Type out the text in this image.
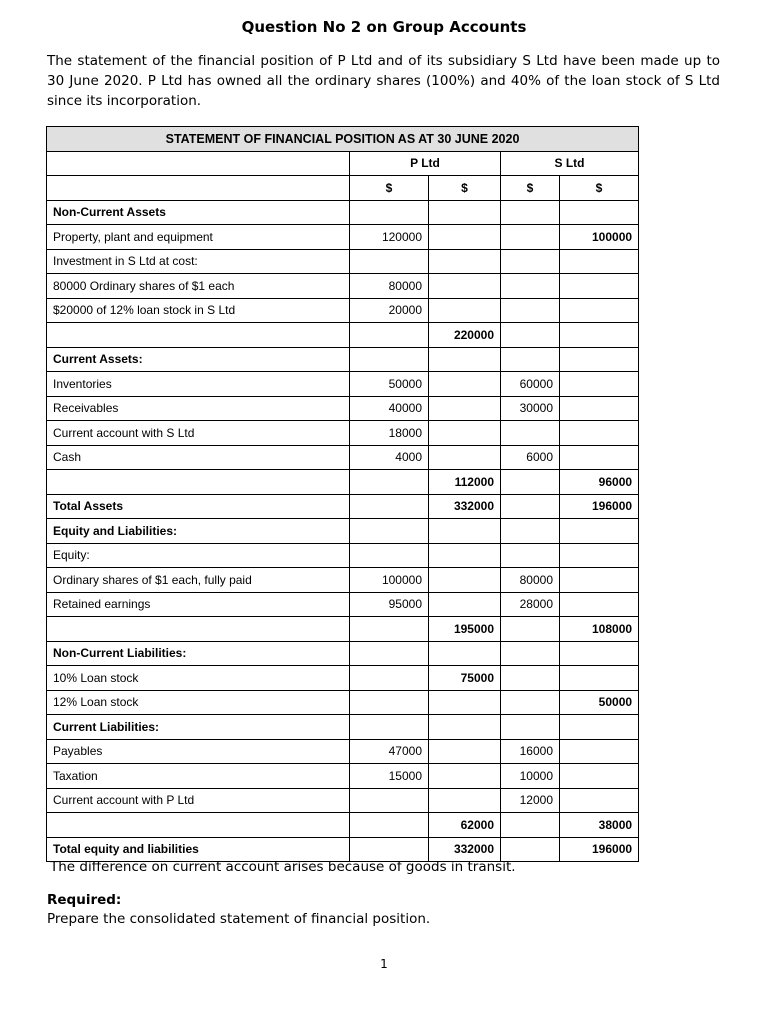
Question No 2 on Group Accounts
The statement of the financial position of P Ltd and of its subsidiary S Ltd have been made up to 30 June 2020. P Ltd has owned all the ordinary shares (100%) and 40% of the loan stock of S Ltd since its incorporation.
STATEMENT OF FINANCIAL POSITION AS AT 30 JUNE 2020				
	P Ltd		S Ltd	
	$	$	$	$
Non-Current Assets				
Property, plant and equipment	120000			100000
Investment in S Ltd at cost:				
80000 Ordinary shares of $1 each	80000			
$20000 of 12% loan stock in S Ltd	20000			
		220000		
Current Assets:				
Inventories	50000		60000	
Receivables	40000		30000	
Current account with S Ltd	18000			
Cash	4000		6000	
		112000		96000
Total Assets		332000		196000
Equity and Liabilities:				
Equity:				
Ordinary shares of $1 each, fully paid	100000		80000	
Retained earnings	95000		28000	
		195000		108000
Non-Current Liabilities:				
10% Loan stock		75000		
12% Loan stock				50000
Current Liabilities:				
Payables	47000		16000	
Taxation	15000		10000	
Current account with P Ltd			12000	
		62000		38000
Total equity and liabilities		332000		196000
The difference on current account arises because of goods in transit.
Required:
Prepare the consolidated statement of financial position.
1
